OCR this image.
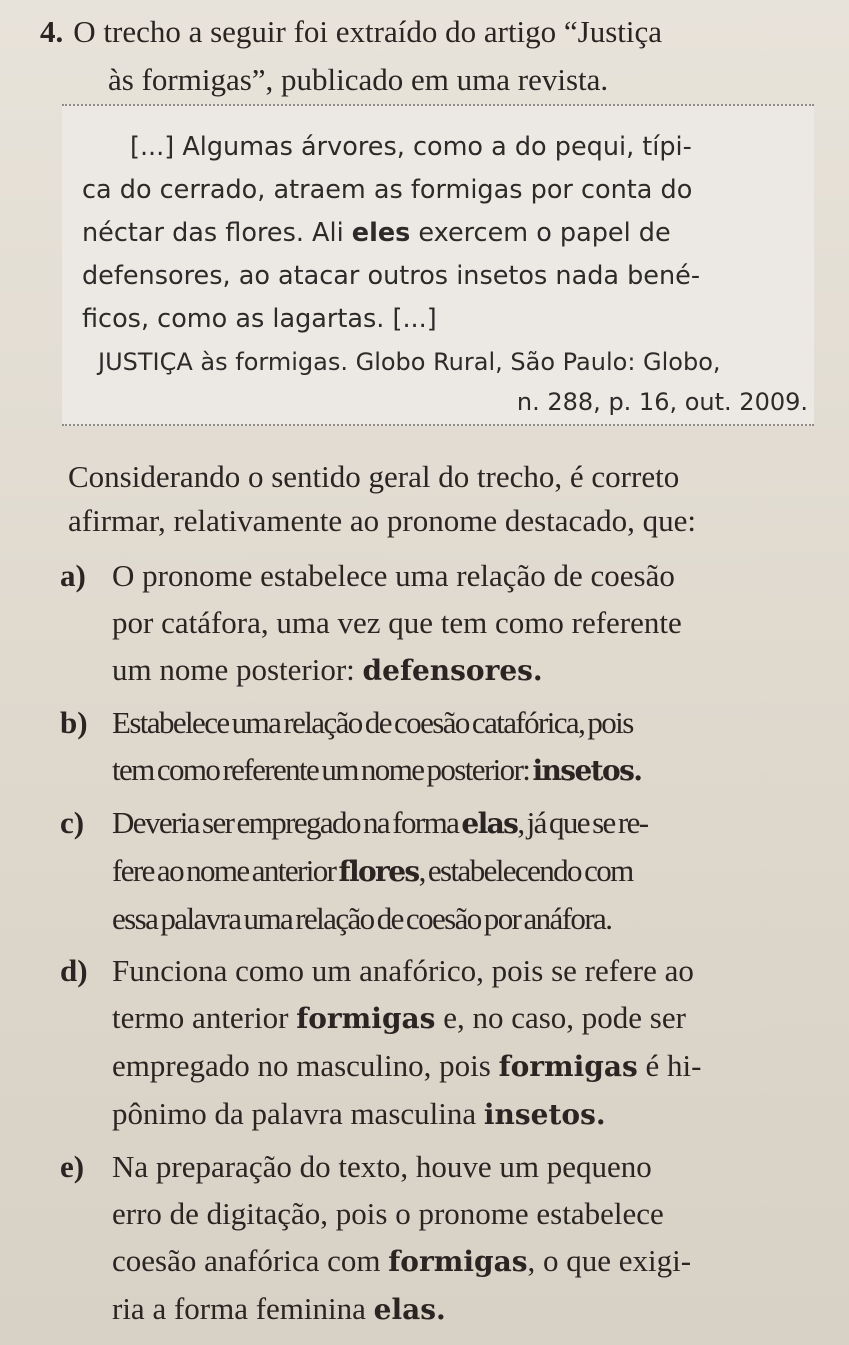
4. O trecho a seguir foi extraído do artigo “Justiça
às formigas”, publicado em uma revista.
[...] Algumas árvores, como a do pequi, típi-
ca do cerrado, atraem as formigas por conta do
néctar das flores. Ali eles exercem o papel de
defensores, ao atacar outros insetos nada bené-
ficos, como as lagartas. [...]
JUSTIÇA às formigas. Globo Rural, São Paulo: Globo,
n. 288, p. 16, out. 2009.
Considerando o sentido geral do trecho, é correto
afirmar, relativamente ao pronome destacado, que:
a) O pronome estabelece uma relação de coesão
por catáfora, uma vez que tem como referente
um nome posterior: defensores.
b) Estabelece uma relação de coesão catafórica, pois
tem como referente um nome posterior: insetos.
c) Deveria ser empregado na forma elas, já que se re-
fere ao nome anterior flores, estabelecendo com
essa palavra uma relação de coesão por anáfora.
d) Funciona como um anafórico, pois se refere ao
termo anterior formigas e, no caso, pode ser
empregado no masculino, pois formigas é hi-
pônimo da palavra masculina insetos.
e) Na preparação do texto, houve um pequeno
erro de digitação, pois o pronome estabelece
coesão anafórica com formigas, o que exigi-
ria a forma feminina elas.
